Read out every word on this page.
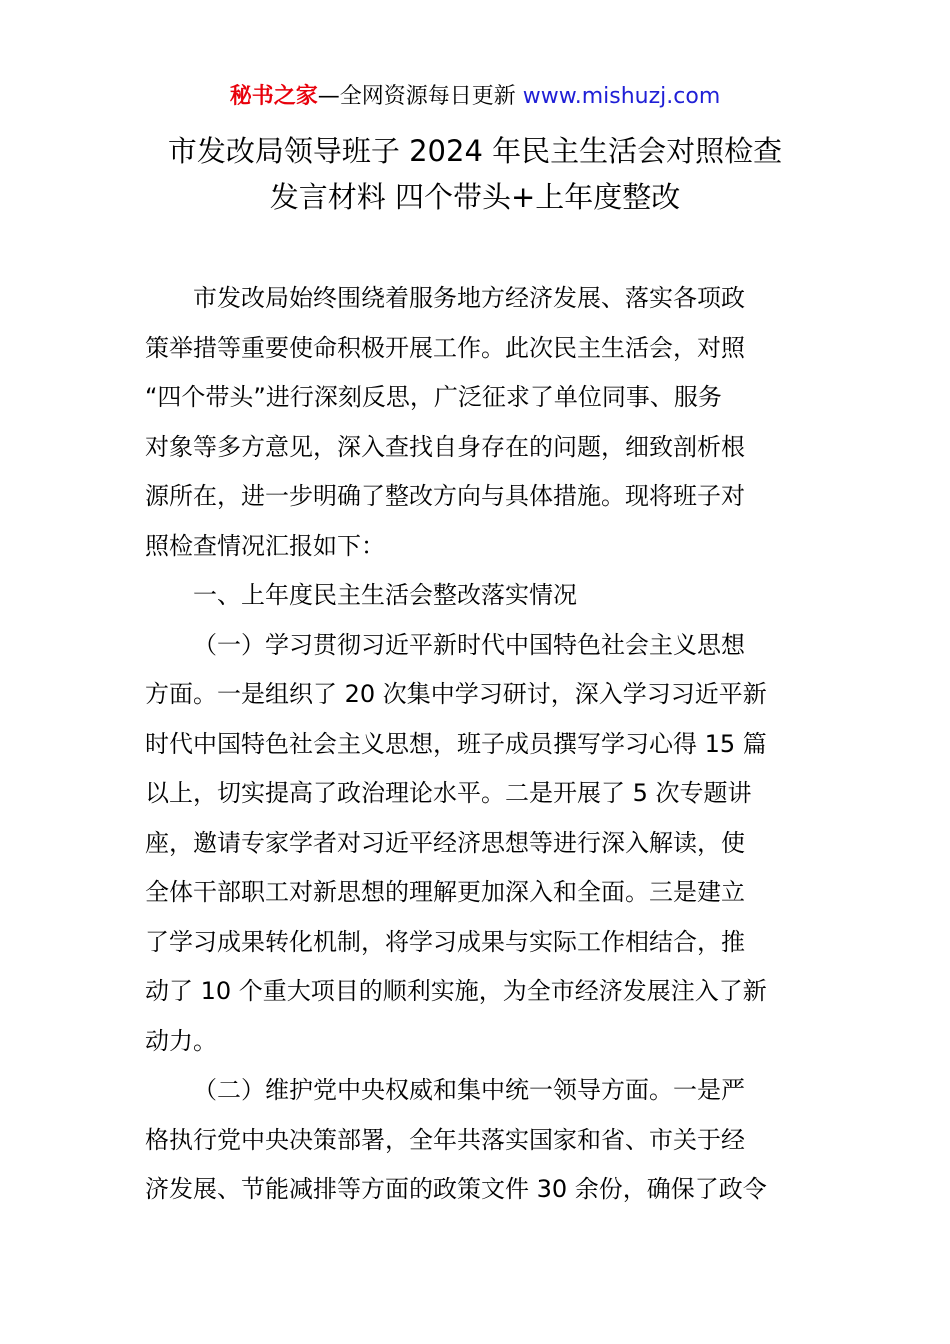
秘书之家—全网资源每日更新 www.mishuzj.com
市发改局领导班子 2024 年民主生活会对照检查
发言材料 四个带头+上年度整改
市发改局始终围绕着服务地方经济发展、落实各项政
策举措等重要使命积极开展工作。此次民主生活会，对照
“四个带头”进行深刻反思，广泛征求了单位同事、服务
对象等多方意见，深入查找自身存在的问题，细致剖析根
源所在，进一步明确了整改方向与具体措施。现将班子对
照检查情况汇报如下：
一、上年度民主生活会整改落实情况
（一）学习贯彻习近平新时代中国特色社会主义思想
方面。一是组织了 20 次集中学习研讨，深入学习习近平新
时代中国特色社会主义思想，班子成员撰写学习心得 15 篇
以上，切实提高了政治理论水平。二是开展了 5 次专题讲
座，邀请专家学者对习近平经济思想等进行深入解读，使
全体干部职工对新思想的理解更加深入和全面。三是建立
了学习成果转化机制，将学习成果与实际工作相结合，推
动了 10 个重大项目的顺利实施，为全市经济发展注入了新
动力。
（二）维护党中央权威和集中统一领导方面。一是严
格执行党中央决策部署，全年共落实国家和省、市关于经
济发展、节能减排等方面的政策文件 30 余份，确保了政令
